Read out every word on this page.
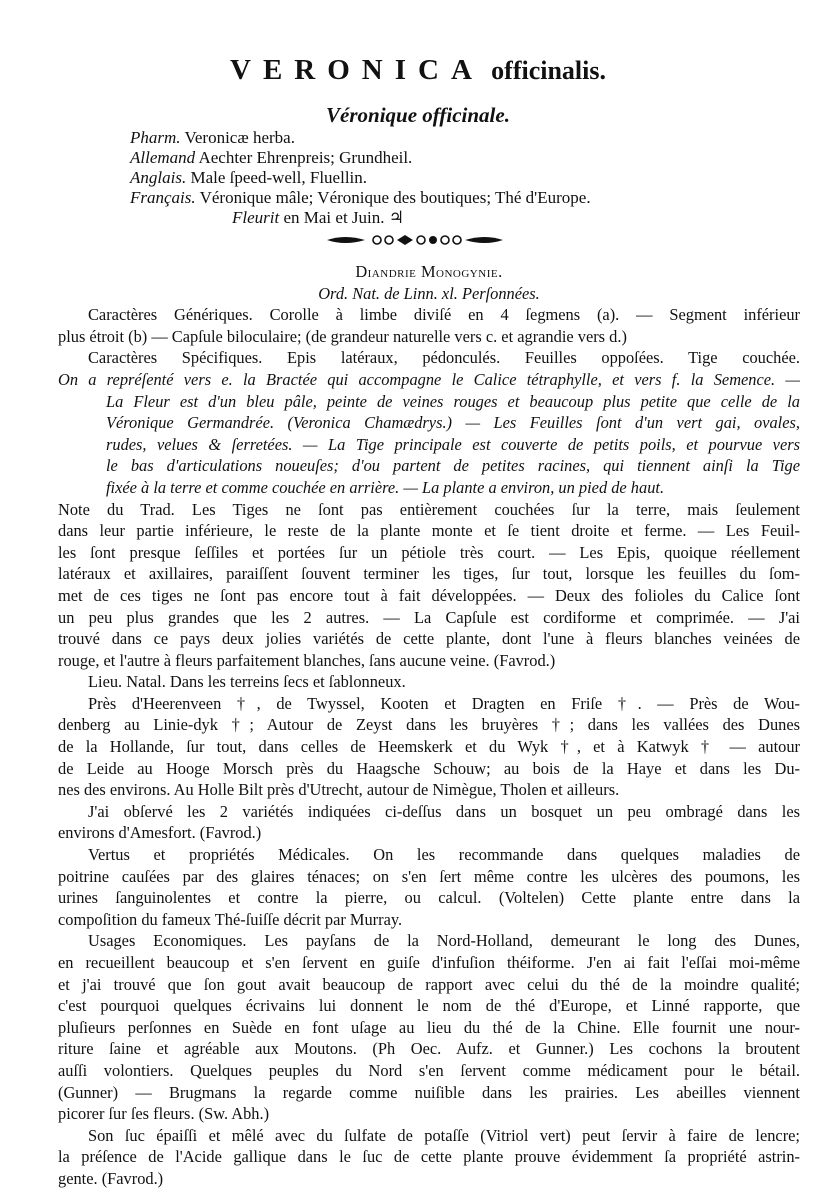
VERONICA officinalis.
Véronique officinale.
Pharm. Veronicæ herba.
Allemand Aechter Ehrenpreis; Grundheil.
Anglais. Male ſpeed-well, Fluellin.
Français. Véronique mâle; Véronique des boutiques; Thé d'Europe.
Fleurit en Mai et Juin. ♃
Diandrie Monogynie.
Ord. Nat. de Linn. xl. Perſonnées.
Caractères Génériques. Corolle à limbe diviſé en 4 ſegmens (a). — Segment inférieur
plus étroit (b) — Capſule biloculaire; (de grandeur naturelle vers c. et agrandie vers d.)
Caractères Spécifiques. Epis latéraux, pédonculés. Feuilles oppoſées. Tige couchée.
On a repréſenté vers e. la Bractée qui accompagne le Calice tétraphylle, et vers f. la Semence. —
La Fleur est d'un bleu pâle, peinte de veines rouges et beaucoup plus petite que celle de la
Véronique Germandrée. (Veronica Chamædrys.) — Les Feuilles ſont d'un vert gai, ovales,
rudes, velues & ſerretées. — La Tige principale est couverte de petits poils, et pourvue vers
le bas d'articulations noueuſes; d'ou partent de petites racines, qui tiennent ainſi la Tige
fixée à la terre et comme couchée en arrière. — La plante a environ, un pied de haut.
Note du Trad. Les Tiges ne ſont pas entièrement couchées ſur la terre, mais ſeulement
dans leur partie inférieure, le reste de la plante monte et ſe tient droite et ferme. — Les Feuil-
les ſont presque ſeſſiles et portées ſur un pétiole très court. — Les Epis, quoique réellement
latéraux et axillaires, paraiſſent ſouvent terminer les tiges, ſur tout, lorsque les feuilles du ſom-
met de ces tiges ne ſont pas encore tout à fait développées. — Deux des folioles du Calice ſont
un peu plus grandes que les 2 autres. — La Capſule est cordiforme et comprimée. — J'ai
trouvé dans ce pays deux jolies variétés de cette plante, dont l'une à fleurs blanches veinées de
rouge, et l'autre à fleurs parfaitement blanches, ſans aucune veine. (Favrod.)
Lieu. Natal. Dans les terreins ſecs et ſablonneux.
Près d'Heerenveen †, de Twyssel, Kooten et Dragten en Friſe †. — Près de Wou-
denberg au Linie-dyk †; Autour de Zeyst dans les bruyères †; dans les vallées des Dunes
de la Hollande, ſur tout, dans celles de Heemskerk et du Wyk †, et à Katwyk † — autour
de Leide au Hooge Morsch près du Haagsche Schouw; au bois de la Haye et dans les Du-
nes des environs. Au Holle Bilt près d'Utrecht, autour de Nimègue, Tholen et ailleurs.
J'ai obſervé les 2 variétés indiquées ci-deſſus dans un bosquet un peu ombragé dans les
environs d'Amesfort. (Favrod.)
Vertus et propriétés Médicales. On les recommande dans quelques maladies de
poitrine cauſées par des glaires ténaces; on s'en ſert même contre les ulcères des poumons, les
urines ſanguinolentes et contre la pierre, ou calcul. (Voltelen) Cette plante entre dans la
compoſition du fameux Thé-ſuiſſe décrit par Murray.
Usages Economiques. Les payſans de la Nord-Holland, demeurant le long des Dunes,
en recueillent beaucoup et s'en ſervent en guiſe d'infuſion théiforme. J'en ai fait l'eſſai moi-même
et j'ai trouvé que ſon gout avait beaucoup de rapport avec celui du thé de la moindre qualité;
c'est pourquoi quelques écrivains lui donnent le nom de thé d'Europe, et Linné rapporte, que
pluſieurs perſonnes en Suède en font uſage au lieu du thé de la Chine. Elle fournit une nour-
riture ſaine et agréable aux Moutons. (Ph Oec. Aufz. et Gunner.) Les cochons la broutent
auſſi volontiers. Quelques peuples du Nord s'en ſervent comme médicament pour le bétail.
(Gunner) — Brugmans la regarde comme nuiſible dans les prairies. Les abeilles viennent
picorer ſur ſes fleurs. (Sw. Abh.)
Son ſuc épaiſſi et mêlé avec du ſulfate de potaſſe (Vitriol vert) peut ſervir à faire de lencre;
la préſence de l'Acide gallique dans le ſuc de cette plante prouve évidemment ſa propriété astrin-
gente. (Favrod.)
